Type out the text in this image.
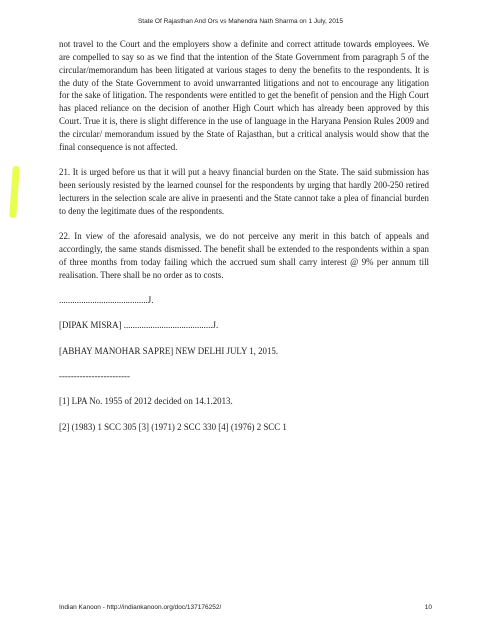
State Of Rajasthan And Ors vs Mahendra Nath Sharma on 1 July, 2015

not travel to the Court and the employers show a definite and correct attitude towards employees. We are compelled to say so as we find that the intention of the State Government from paragraph 5 of the circular/memorandum has been litigated at various stages to deny the benefits to the respondents. It is the duty of the State Government to avoid unwarranted litigations and not to encourage any litigation for the sake of litigation. The respondents were entitled to get the benefit of pension and the High Court has placed reliance on the decision of another High Court which has already been approved by this Court. True it is, there is slight difference in the use of language in the Haryana Pension Rules 2009 and the circular/ memorandum issued by the State of Rajasthan, but a critical analysis would show that the final consequence is not affected.

21. It is urged before us that it will put a heavy financial burden on the State. The said submission has been seriously resisted by the learned counsel for the respondents by urging that hardly 200-250 retired lecturers in the selection scale are alive in praesenti and the State cannot take a plea of financial burden to deny the legitimate dues of the respondents.

22. In view of the aforesaid analysis, we do not perceive any merit in this batch of appeals and accordingly, the same stands dismissed. The benefit shall be extended to the respondents within a span of three months from today failing which the accrued sum shall carry interest @ 9% per annum till realisation. There shall be no order as to costs.

........................................J.

[DIPAK MISRA] ........................................J.

[ABHAY MANOHAR SAPRE] NEW DELHI JULY 1, 2015.

------------------------

[1] LPA No. 1955 of 2012 decided on 14.1.2013.

[2] (1983) 1 SCC 305 [3] (1971) 2 SCC 330 [4] (1976) 2 SCC 1

Indian Kanoon - http://indiankanoon.org/doc/137176252/	10
